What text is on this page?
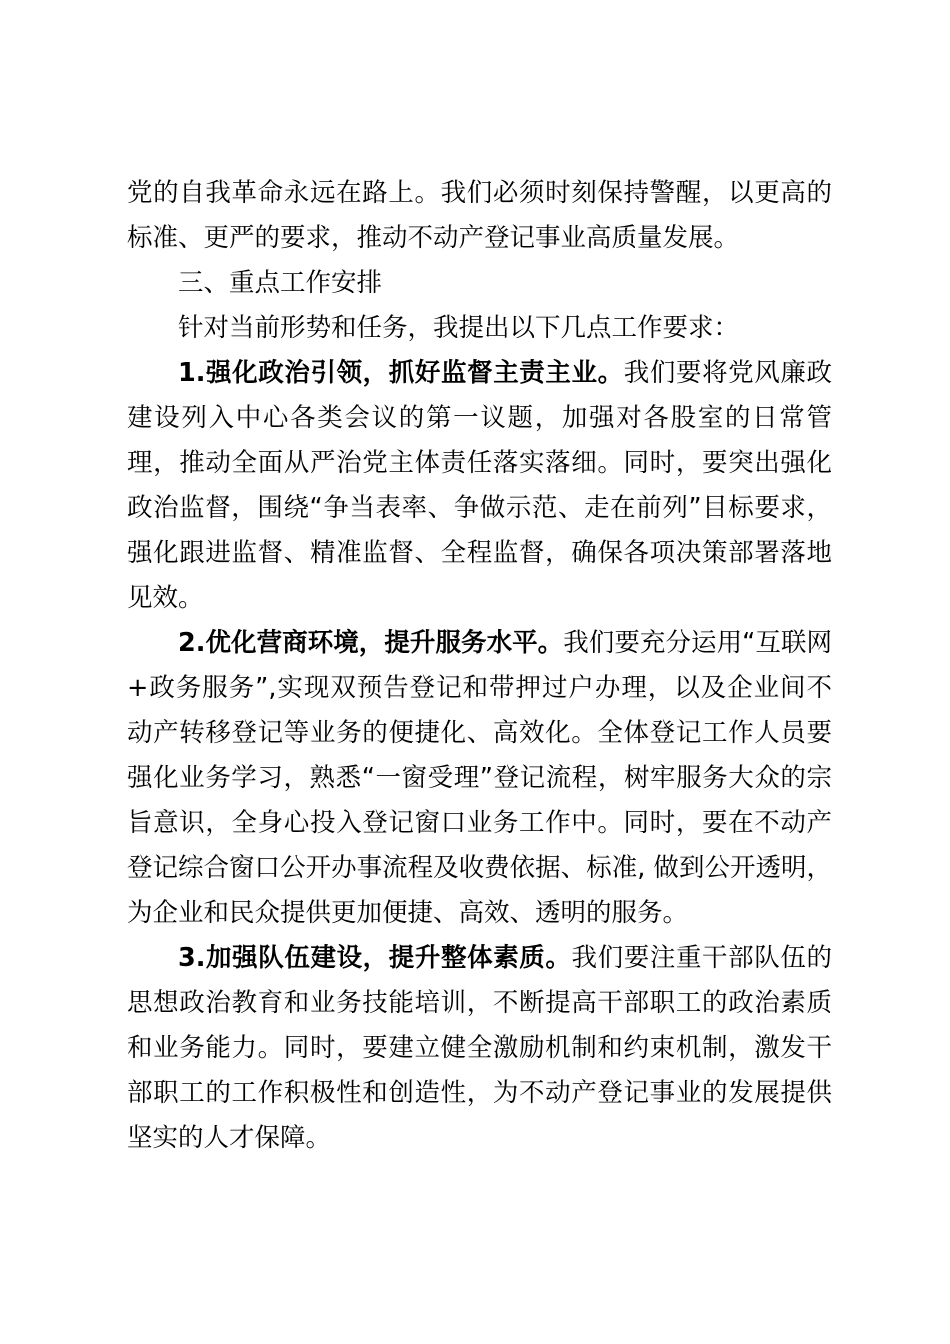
党的自我革命永远在路上。我们必须时刻保持警醒，以更高的标准、更严的要求，推动不动产登记事业高质量发展。

三、重点工作安排

针对当前形势和任务，我提出以下几点工作要求：

1.强化政治引领，抓好监督主责主业。我们要将党风廉政建设列入中心各类会议的第一议题，加强对各股室的日常管理，推动全面从严治党主体责任落实落细。同时，要突出强化政治监督，围绕“争当表率、争做示范、走在前列”目标要求，强化跟进监督、精准监督、全程监督，确保各项决策部署落地见效。

2.优化营商环境，提升服务水平。我们要充分运用“互联网+政务服务”,实现双预告登记和带押过户办理，以及企业间不动产转移登记等业务的便捷化、高效化。全体登记工作人员要强化业务学习，熟悉“一窗受理”登记流程，树牢服务大众的宗旨意识，全身心投入登记窗口业务工作中。同时，要在不动产登记综合窗口公开办事流程及收费依据、标准, 做到公开透明，为企业和民众提供更加便捷、高效、透明的服务。

3.加强队伍建设，提升整体素质。我们要注重干部队伍的思想政治教育和业务技能培训，不断提高干部职工的政治素质和业务能力。同时，要建立健全激励机制和约束机制，激发干部职工的工作积极性和创造性，为不动产登记事业的发展提供坚实的人才保障。
